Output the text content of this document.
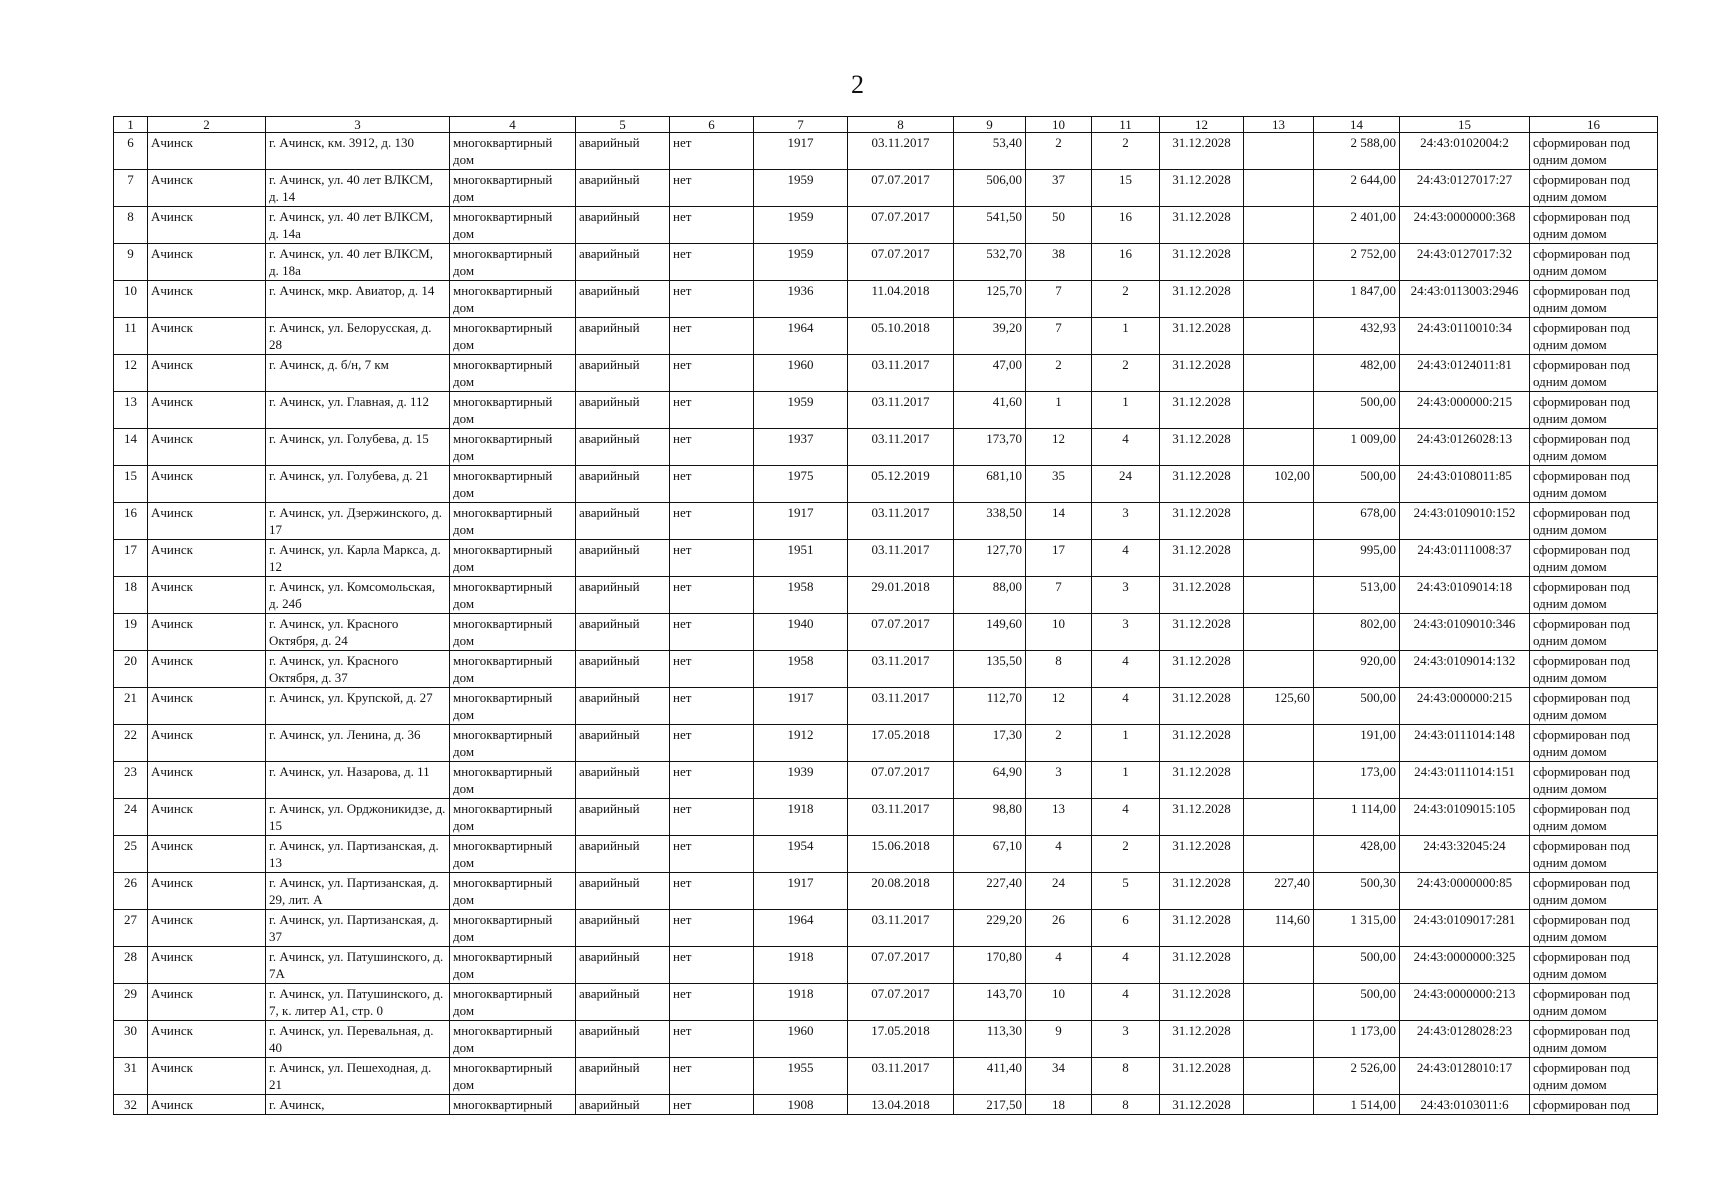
2
1	2	3	4	5	6	7	8	9	10	11	12	13	14	15	16
6	Ачинск	г. Ачинск, км. 3912, д. 130	многоквартирный дом	аварийный	нет	1917	03.11.2017	53,40	2	2	31.12.2028		2 588,00	24:43:0102004:2	сформирован под одним домом
7	Ачинск	г. Ачинск, ул. 40 лет ВЛКСМ, д. 14	многоквартирный дом	аварийный	нет	1959	07.07.2017	506,00	37	15	31.12.2028		2 644,00	24:43:0127017:27	сформирован под одним домом
8	Ачинск	г. Ачинск, ул. 40 лет ВЛКСМ, д. 14а	многоквартирный дом	аварийный	нет	1959	07.07.2017	541,50	50	16	31.12.2028		2 401,00	24:43:0000000:368	сформирован под одним домом
9	Ачинск	г. Ачинск, ул. 40 лет ВЛКСМ, д. 18а	многоквартирный дом	аварийный	нет	1959	07.07.2017	532,70	38	16	31.12.2028		2 752,00	24:43:0127017:32	сформирован под одним домом
10	Ачинск	г. Ачинск, мкр. Авиатор, д. 14	многоквартирный дом	аварийный	нет	1936	11.04.2018	125,70	7	2	31.12.2028		1 847,00	24:43:0113003:2946	сформирован под одним домом
11	Ачинск	г. Ачинск, ул. Белорусская, д. 28	многоквартирный дом	аварийный	нет	1964	05.10.2018	39,20	7	1	31.12.2028		432,93	24:43:0110010:34	сформирован под одним домом
12	Ачинск	г. Ачинск, д. б/н, 7 км	многоквартирный дом	аварийный	нет	1960	03.11.2017	47,00	2	2	31.12.2028		482,00	24:43:0124011:81	сформирован под одним домом
13	Ачинск	г. Ачинск, ул. Главная, д. 112	многоквартирный дом	аварийный	нет	1959	03.11.2017	41,60	1	1	31.12.2028		500,00	24:43:000000:215	сформирован под одним домом
14	Ачинск	г. Ачинск, ул. Голубева, д. 15	многоквартирный дом	аварийный	нет	1937	03.11.2017	173,70	12	4	31.12.2028		1 009,00	24:43:0126028:13	сформирован под одним домом
15	Ачинск	г. Ачинск, ул. Голубева, д. 21	многоквартирный дом	аварийный	нет	1975	05.12.2019	681,10	35	24	31.12.2028	102,00	500,00	24:43:0108011:85	сформирован под одним домом
16	Ачинск	г. Ачинск, ул. Дзержинского, д. 17	многоквартирный дом	аварийный	нет	1917	03.11.2017	338,50	14	3	31.12.2028		678,00	24:43:0109010:152	сформирован под одним домом
17	Ачинск	г. Ачинск, ул. Карла Маркса, д. 12	многоквартирный дом	аварийный	нет	1951	03.11.2017	127,70	17	4	31.12.2028		995,00	24:43:0111008:37	сформирован под одним домом
18	Ачинск	г. Ачинск, ул. Комсомольская, д. 24б	многоквартирный дом	аварийный	нет	1958	29.01.2018	88,00	7	3	31.12.2028		513,00	24:43:0109014:18	сформирован под одним домом
19	Ачинск	г. Ачинск, ул. Красного Октября, д. 24	многоквартирный дом	аварийный	нет	1940	07.07.2017	149,60	10	3	31.12.2028		802,00	24:43:0109010:346	сформирован под одним домом
20	Ачинск	г. Ачинск, ул. Красного Октября, д. 37	многоквартирный дом	аварийный	нет	1958	03.11.2017	135,50	8	4	31.12.2028		920,00	24:43:0109014:132	сформирован под одним домом
21	Ачинск	г. Ачинск, ул. Крупской, д. 27	многоквартирный дом	аварийный	нет	1917	03.11.2017	112,70	12	4	31.12.2028	125,60	500,00	24:43:000000:215	сформирован под одним домом
22	Ачинск	г. Ачинск, ул. Ленина, д. 36	многоквартирный дом	аварийный	нет	1912	17.05.2018	17,30	2	1	31.12.2028		191,00	24:43:0111014:148	сформирован под одним домом
23	Ачинск	г. Ачинск, ул. Назарова, д. 11	многоквартирный дом	аварийный	нет	1939	07.07.2017	64,90	3	1	31.12.2028		173,00	24:43:0111014:151	сформирован под одним домом
24	Ачинск	г. Ачинск, ул. Орджоникидзе, д. 15	многоквартирный дом	аварийный	нет	1918	03.11.2017	98,80	13	4	31.12.2028		1 114,00	24:43:0109015:105	сформирован под одним домом
25	Ачинск	г. Ачинск, ул. Партизанская, д. 13	многоквартирный дом	аварийный	нет	1954	15.06.2018	67,10	4	2	31.12.2028		428,00	24:43:32045:24	сформирован под одним домом
26	Ачинск	г. Ачинск, ул. Партизанская, д. 29, лит. А	многоквартирный дом	аварийный	нет	1917	20.08.2018	227,40	24	5	31.12.2028	227,40	500,30	24:43:0000000:85	сформирован под одним домом
27	Ачинск	г. Ачинск, ул. Партизанская, д. 37	многоквартирный дом	аварийный	нет	1964	03.11.2017	229,20	26	6	31.12.2028	114,60	1 315,00	24:43:0109017:281	сформирован под одним домом
28	Ачинск	г. Ачинск, ул. Патушинского, д. 7А	многоквартирный дом	аварийный	нет	1918	07.07.2017	170,80	4	4	31.12.2028		500,00	24:43:0000000:325	сформирован под одним домом
29	Ачинск	г. Ачинск, ул. Патушинского, д. 7, к. литер А1, стр. 0	многоквартирный дом	аварийный	нет	1918	07.07.2017	143,70	10	4	31.12.2028		500,00	24:43:0000000:213	сформирован под одним домом
30	Ачинск	г. Ачинск, ул. Перевальная, д. 40	многоквартирный дом	аварийный	нет	1960	17.05.2018	113,30	9	3	31.12.2028		1 173,00	24:43:0128028:23	сформирован под одним домом
31	Ачинск	г. Ачинск, ул. Пешеходная, д. 21	многоквартирный дом	аварийный	нет	1955	03.11.2017	411,40	34	8	31.12.2028		2 526,00	24:43:0128010:17	сформирован под одним домом
32	Ачинск	г. Ачинск,	многоквартирный	аварийный	нет	1908	13.04.2018	217,50	18	8	31.12.2028		1 514,00	24:43:0103011:6	сформирован под
